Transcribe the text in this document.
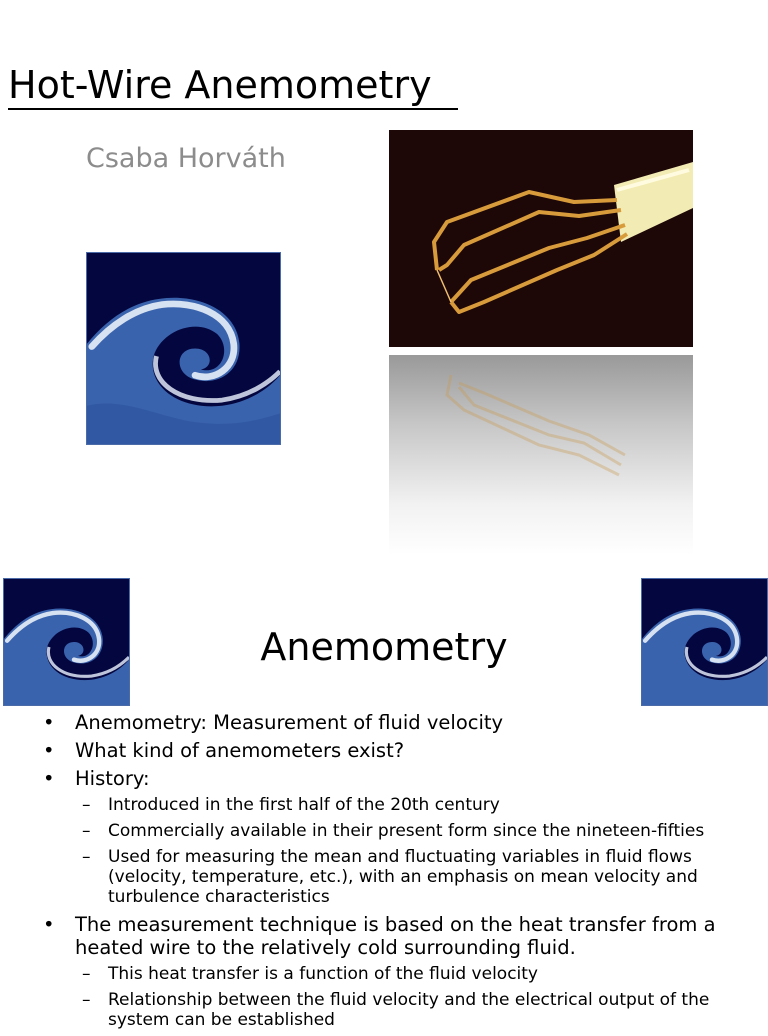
Hot-Wire Anemometry
Csaba Horváth
Anemometry
• Anemometry: Measurement of fluid velocity
• What kind of anemometers exist?
• History:
– Introduced in the first half of the 20th century
– Commercially available in their present form since the nineteen-fifties
– Used for measuring the mean and fluctuating variables in fluid flows (velocity, temperature, etc.), with an emphasis on mean velocity and turbulence characteristics
• The measurement technique is based on the heat transfer from a heated wire to the relatively cold surrounding fluid.
– This heat transfer is a function of the fluid velocity
– Relationship between the fluid velocity and the electrical output of the system can be established
